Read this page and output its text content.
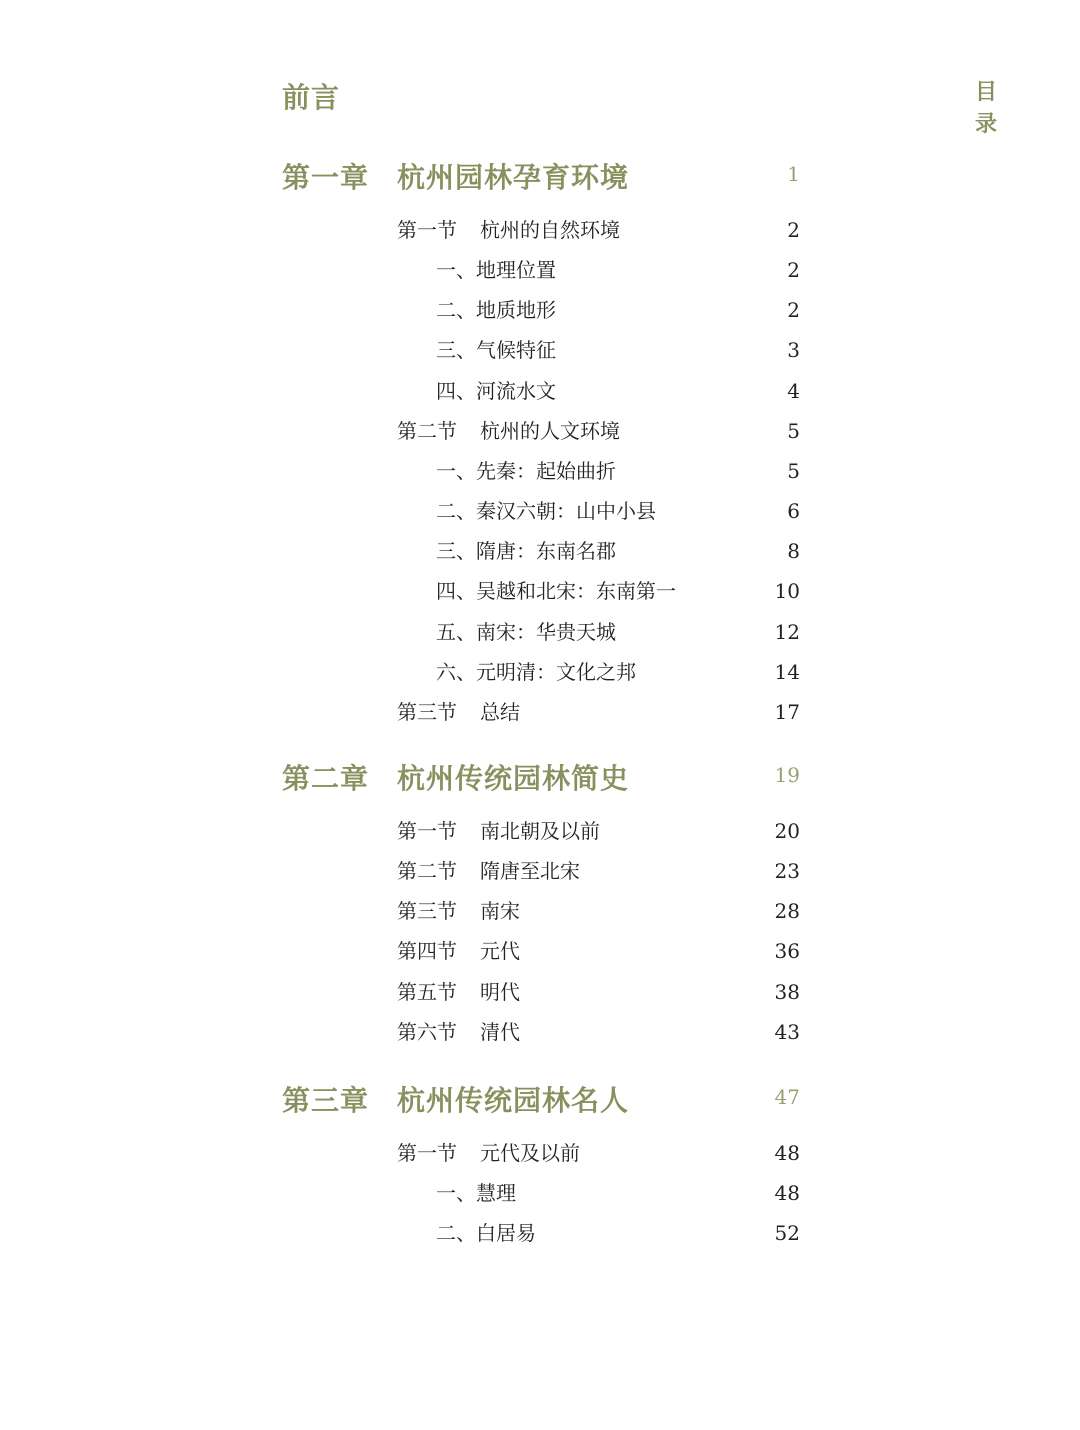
目
录
前言
第一章 杭州园林孕育环境	1
第一节 杭州的自然环境	2
一、地理位置	2
二、地质地形	2
三、气候特征	3
四、河流水文	4
第二节 杭州的人文环境	5
一、先秦：起始曲折	5
二、秦汉六朝：山中小县	6
三、隋唐：东南名郡	8
四、吴越和北宋：东南第一	10
五、南宋：华贵天城	12
六、元明清：文化之邦	14
第三节 总结	17
第二章 杭州传统园林简史	19
第一节 南北朝及以前	20
第二节 隋唐至北宋	23
第三节 南宋	28
第四节 元代	36
第五节 明代	38
第六节 清代	43
第三章 杭州传统园林名人	47
第一节 元代及以前	48
一、慧理	48
二、白居易	52
